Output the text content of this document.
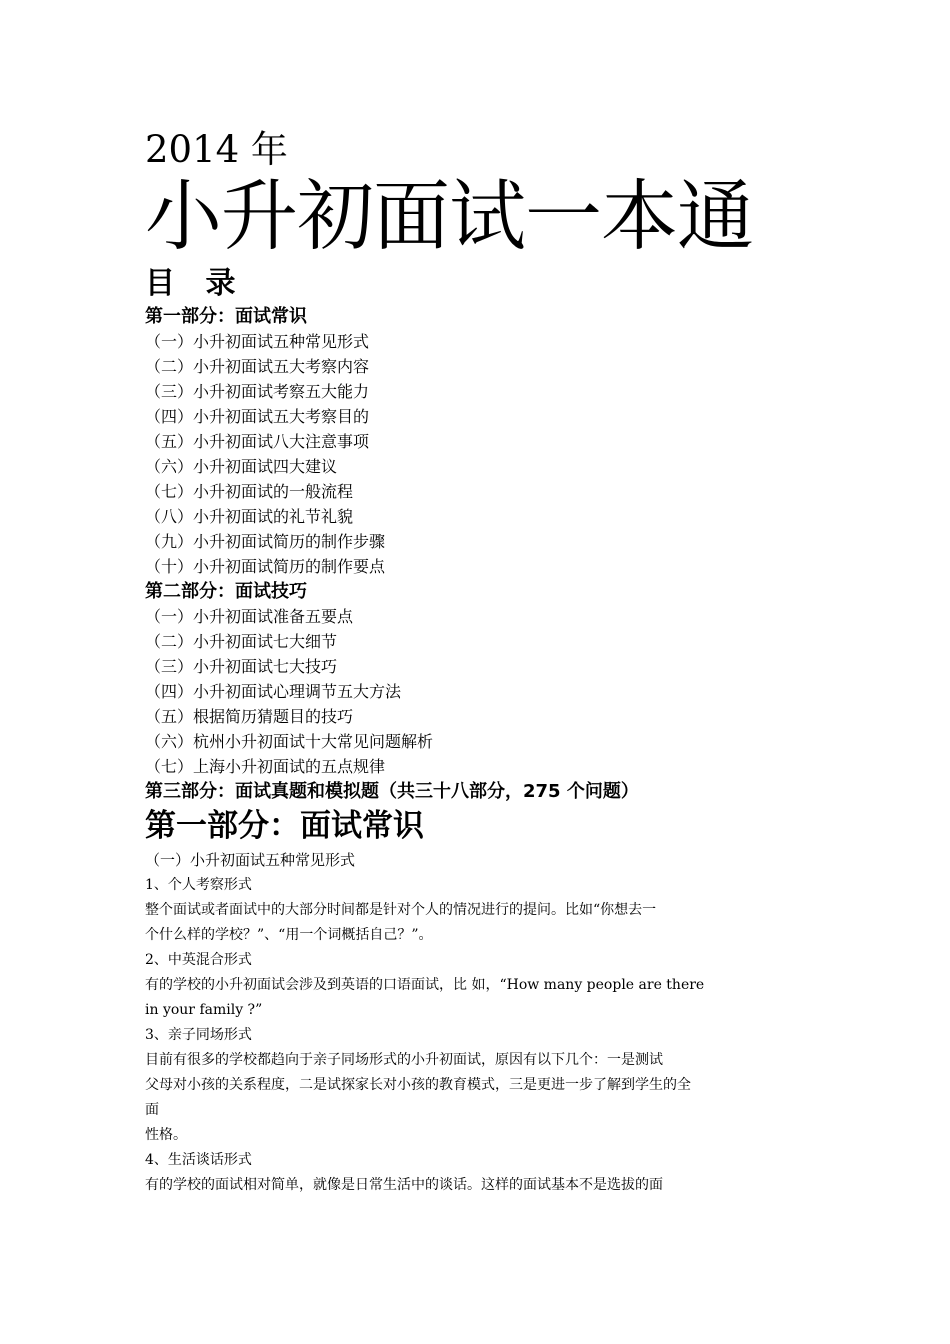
2014 年

小升初面试一本通

目 录

第一部分：面试常识

（一）小升初面试五种常见形式

（二）小升初面试五大考察内容

（三）小升初面试考察五大能力

（四）小升初面试五大考察目的

（五）小升初面试八大注意事项

（六）小升初面试四大建议

（七）小升初面试的一般流程

（八）小升初面试的礼节礼貌

（九）小升初面试简历的制作步骤

（十）小升初面试简历的制作要点

第二部分：面试技巧

（一）小升初面试准备五要点

（二）小升初面试七大细节

（三）小升初面试七大技巧

（四）小升初面试心理调节五大方法

（五）根据简历猜题目的技巧

（六）杭州小升初面试十大常见问题解析

（七）上海小升初面试的五点规律

第三部分：面试真题和模拟题（共三十八部分，275 个问题）

第一部分：面试常识

（一）小升初面试五种常见形式

1、个人考察形式

整个面试或者面试中的大部分时间都是针对个人的情况进行的提问。比如“你想去一

个什么样的学校？”、“用一个词概括自己？”。

2、中英混合形式

有的学校的小升初面试会涉及到英语的口语面试，比 如，“How many people are there

in your family ?”

3、亲子同场形式

目前有很多的学校都趋向于亲子同场形式的小升初面试，原因有以下几个：一是测试

父母对小孩的关系程度，二是试探家长对小孩的教育模式，三是更进一步了解到学生的全

面

性格。

4、生活谈话形式

有的学校的面试相对简单，就像是日常生活中的谈话。这样的面试基本不是选拔的面
